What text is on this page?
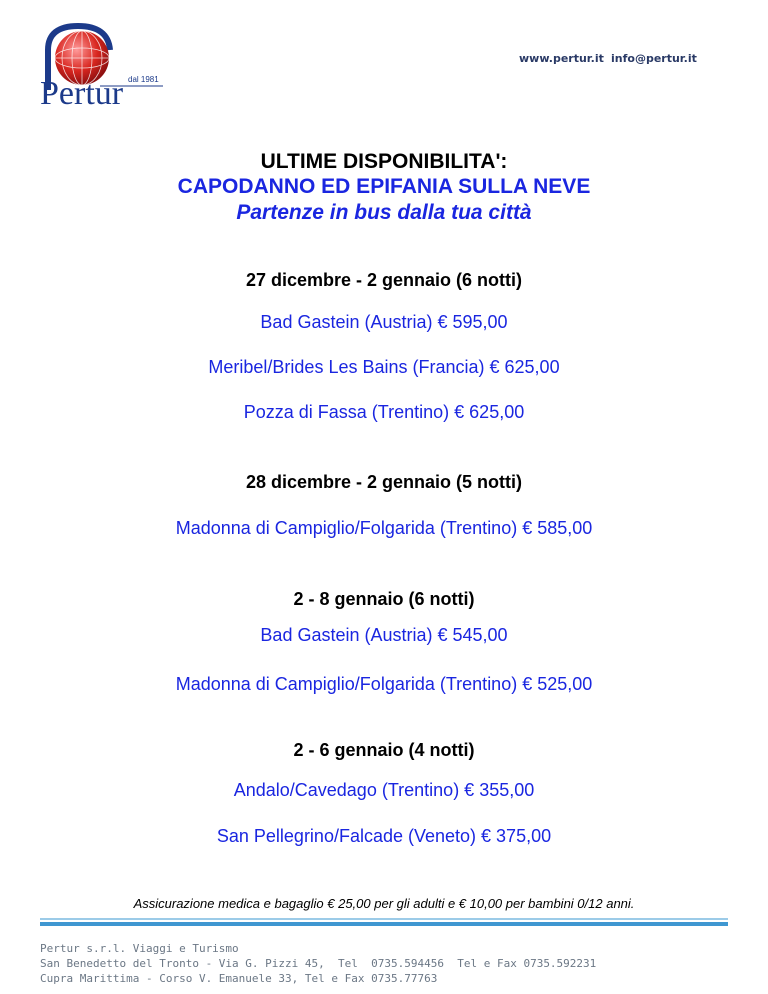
dal 1981
Pertur
www.pertur.it info@pertur.it
ULTIME DISPONIBILITA':
CAPODANNO ED EPIFANIA SULLA NEVE
Partenze in bus dalla tua città
27 dicembre - 2 gennaio (6 notti)
Bad Gastein (Austria) € 595,00
Meribel/Brides Les Bains (Francia) € 625,00
Pozza di Fassa (Trentino) € 625,00
28 dicembre - 2 gennaio (5 notti)
Madonna di Campiglio/Folgarida (Trentino) € 585,00
2 - 8 gennaio (6 notti)
Bad Gastein (Austria) € 545,00
Madonna di Campiglio/Folgarida (Trentino) € 525,00
2 - 6 gennaio (4 notti)
Andalo/Cavedago (Trentino) € 355,00
San Pellegrino/Falcade (Veneto) € 375,00
Assicurazione medica e bagaglio € 25,00 per gli adulti e € 10,00 per bambini 0/12 anni.
Pertur s.r.l. Viaggi e Turismo
San Benedetto del Tronto - Via G. Pizzi 45,  Tel  0735.594456  Tel e Fax 0735.592231
Cupra Marittima - Corso V. Emanuele 33, Tel e Fax 0735.77763
